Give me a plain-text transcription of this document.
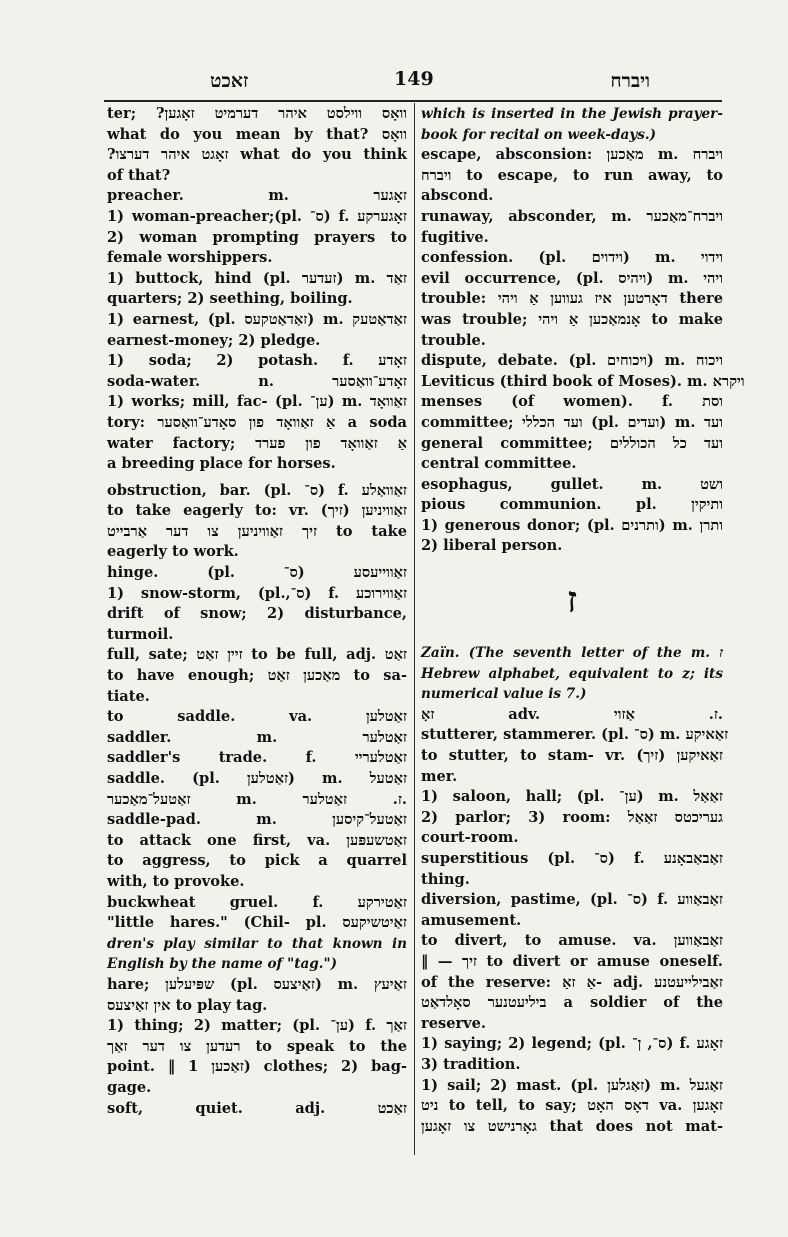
זאכט	149	ויברח
ter; ?וואָס ווילסט איהר דערמיט זאָגען
what do you mean by that? וואָס
?זאָגט איהר דערצו what do you think
of that?
preacher. m. זאָגער
1) woman-preacher;(pl. ס־) f. זאָגערקע
2) woman prompting prayers to
female worshippers.
1) buttock, hind (pl. זעדער) m. זאַד
quarters; 2) seething, boiling.
1) earnest, (pl. זאַדאַטקעס) m. זאַדאַטעק
earnest-money; 2) pledge.
1) soda; 2) potash. f. זאָדע
soda-water. n. זאָדע־וואַסער
1) works; mill, fac- (pl. ען־) m. זאַוואָד
tory: אַ זאַוואָד פון סאָדע־וואַסער a soda
water factory; אַ זאַוואָד פון פערד
a breeding place for horses.
obstruction, bar. (pl. ס־) f. זאַוואַלע
to take eagerly to: vr. (זיך) זאַוויניען
זיך זאַוויניען צו דער אַרבייט to take
eagerly to work.
hinge. (pl. ס־) זאַווייעסע
1) snow-storm, (pl.,ס־) f. זאַווירוכע
drift of snow; 2) disturbance,
turmoil.
full, sate; זיין זאַט to be full, adj. זאַט
to have enough; מאַכען זאַט to sa-
tiate.
to saddle. va. זאַטלען
saddler. m. זאַטלער
saddler's trade. f. זאַטלעריי
saddle. (pl. זאַטלען) m. זאַטעל
זאַטעל־מאַכער m. ז. זאַטלער.
saddle-pad. m. זאַטעל־קיסען
to attack one first, va. זאַטשעפּען
to aggress, to pick a quarrel
with, to provoke.
buckwheat gruel. f. זאַטירקע
"little hares." (Chil- pl. זאַיטשיקעס
dren's play similar to that known in
English by the name of "tag.")
hare; שפּיעלען (pl. זאַיצעס) m. זאַיעץ
אין זאַיצעס to play tag.
1) thing; 2) matter; (pl. ען־) f. זאַך
רעדען צו דער זאַך to speak to the
point. ‖ זאַכען 1) clothes; 2) bag-
gage.
soft, quiet. adj. זאַכט
which is inserted in the Jewish prayer-
book for recital on week-days.)
escape, absconsion: מאַכען m. ויברח
ויברח to escape, to run away, to
abscond.
runaway, absconder, m. ויברח־מאַכער
fugitive.
confession. (pl. וידוים) m. וידוי
evil occurrence, (pl. ויהיס) m. ויהי
trouble: דאָרטען איז געווען אַ ויהי there
was trouble; אָנמאַכען אַ ויהי to make
trouble.
dispute, debate. (pl. ויכוחים) m. ויכוח
Leviticus (third book of Moses). m. ויקרא
menses (of women). f. וסת
committee; ועד הכללי (pl. ועדים) m. ועד
general committee; ועד כל הכוללים
central committee.
esophagus, gullet. m. ושט
pious communion. pl. ותיקין
1) generous donor; (pl. ותרנים) m. ותרן
2) liberal person.
ז
Zaïn. (The seventh letter of the m. ז
Hebrew alphabet, equivalent to z; its
numerical value is 7.)
זאָ adv. ז. אַזוי.
stutterer, stammerer. (pl. ס־) m. זאַאיקע
to stutter, to stam- vr. (זיך) זאַאיקען
mer.
1) saloon, hall; (pl. ען־) m. זאַאַל
2) parlor; 3) room: געריכטס זאַאַל
court-room.
superstitious (pl. ס־) f. זאַבאַבאָנע
thing.
diversion, pastime, (pl. ס־) f. זאַבאַווע
amusement.
to divert, to amuse. va. זאַבאַווען
‖ — זיך to divert or amuse oneself.
of the reserve: אַ זאַ- adj. זאַבילייעטנע
ביליעטנער סאָלדאַט a soldier of the
reserve.
1) saying; 2) legend; (pl. ס־, ן־) f. זאָגע
3) tradition.
1) sail; 2) mast. (pl. זאַגלען) m. זאַגעל
ניט to tell, to say; דאָס האָט va. זאָגען
גאָרנישט צו זאָגען that does not mat-
